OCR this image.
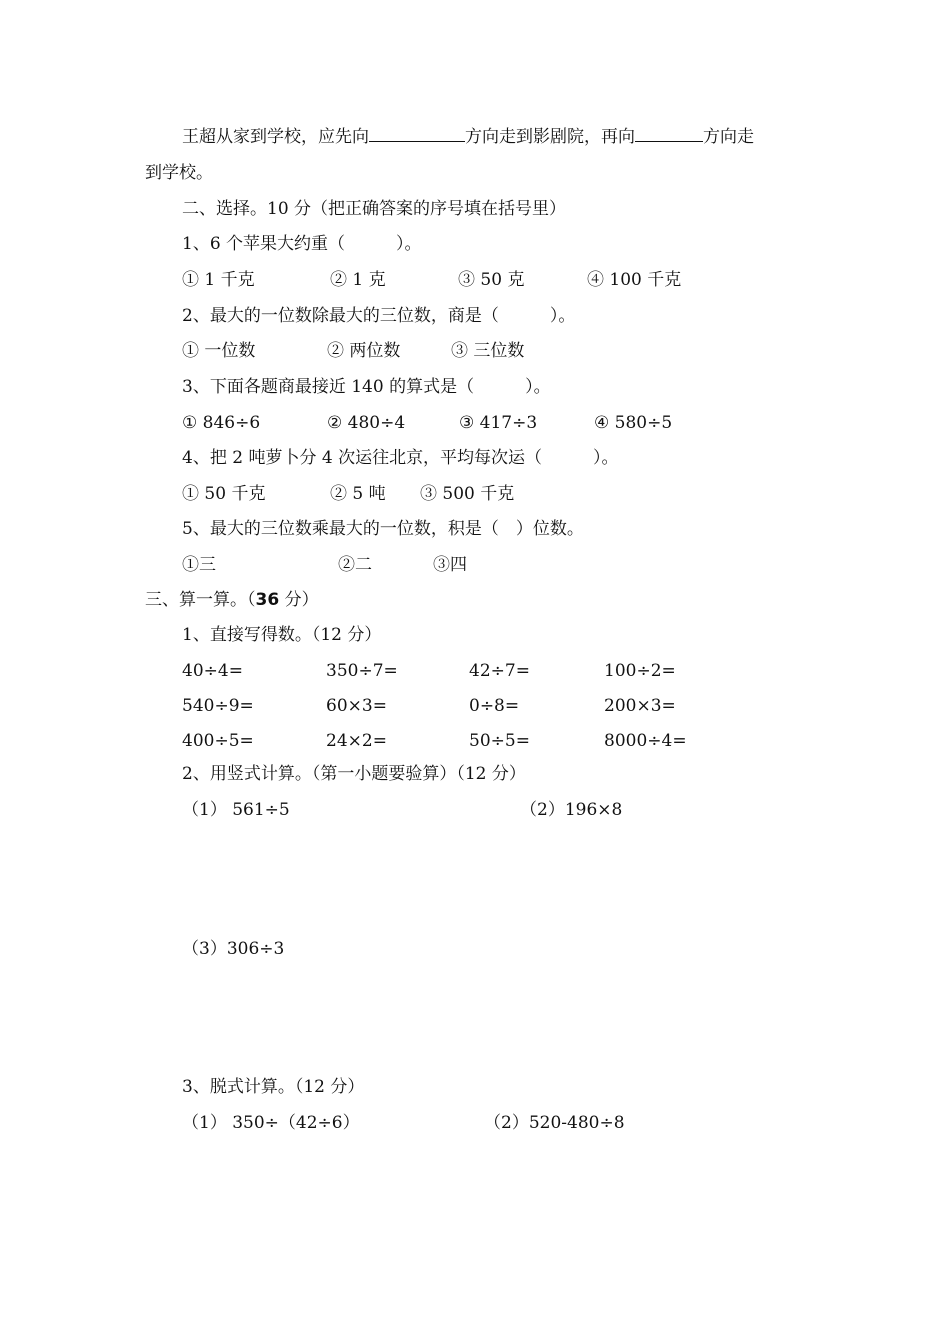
王超从家到学校，应先向	方向走到影剧院，再向	方向走
到学校。
二、选择。10 分（把正确答案的序号填在括号里）
1、6 个苹果大约重（　　　）。
① 1 千克	② 1 克	③ 50 克	④ 100 千克
2、最大的一位数除最大的三位数，商是（　　　）。
① 一位数	② 两位数	③ 三位数
3、下面各题商最接近 140 的算式是（　　　）。
① 846÷6	② 480÷4	③ 417÷3	④ 580÷5
4、把 2 吨萝卜分 4 次运往北京，平均每次运（　　　）。
① 50 千克	② 5 吨 ③ 500 千克
5、最大的三位数乘最大的一位数，积是（　）位数。
①三	②二	③四
三、算一算。（36 分）
1、直接写得数。（12 分）
40÷4=	350÷7=	42÷7=	100÷2=
540÷9=	60×3=	0÷8=	200×3=
400÷5=	24×2=	50÷5=	8000÷4=
2、用竖式计算。（第一小题要验算）（12 分）
（1） 561÷5	（2）196×8
（3）306÷3
3、脱式计算。（12 分）
（1） 350÷（42÷6）	（2）520-480÷8
